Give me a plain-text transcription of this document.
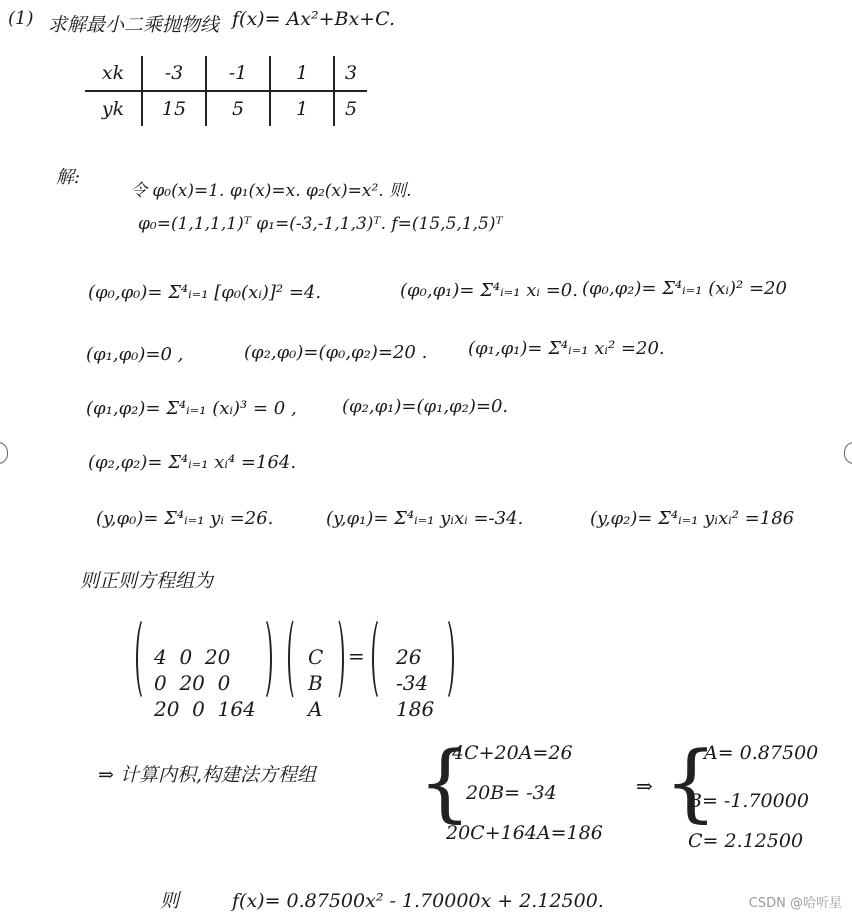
(1) 求解最小二乘抛物线 f(x)= Ax²+Bx+C.
xk	-3	-1	1	3
yk	15	5	1	5
解:
令 φ₀(x)=1. φ₁(x)=x. φ₂(x)=x². 则.
φ₀=(1,1,1,1)ᵀ φ₁=(-3,-1,1,3)ᵀ. f=(15,5,1,5)ᵀ
(φ₀,φ₀)= Σ⁴ᵢ₌₁ [φ₀(xᵢ)]² =4.	(φ₀,φ₁)= Σ⁴ᵢ₌₁ xᵢ =0. (φ₀,φ₂)= Σ⁴ᵢ₌₁ (xᵢ)² =20
(φ₁,φ₀)=0 ,	(φ₂,φ₀)=(φ₀,φ₂)=20 . (φ₁,φ₁)= Σ⁴ᵢ₌₁ xᵢ² =20.
(φ₁,φ₂)= Σ⁴ᵢ₌₁ (xᵢ)³ = 0 ,	(φ₂,φ₁)=(φ₁,φ₂)=0.
(φ₂,φ₂)= Σ⁴ᵢ₌₁ xᵢ⁴ =164.
(y,φ₀)= Σ⁴ᵢ₌₁ yᵢ =26.	(y,φ₁)= Σ⁴ᵢ₌₁ yᵢxᵢ =-34.	(y,φ₂)= Σ⁴ᵢ₌₁ yᵢxᵢ² =186
则正则方程组为

4  0  20
0  20  0
20  0  164

C
B
A
= 26
-34
186
⇒ 计算内积,构建法方程组 {
4C+20A=26
20B= -34
20C+164A=186
⇒ {
A= 0.87500
B= -1.70000
C= 2.12500
则	f(x)= 0.87500x² - 1.70000x + 2.12500.	CSDN @哈听星
